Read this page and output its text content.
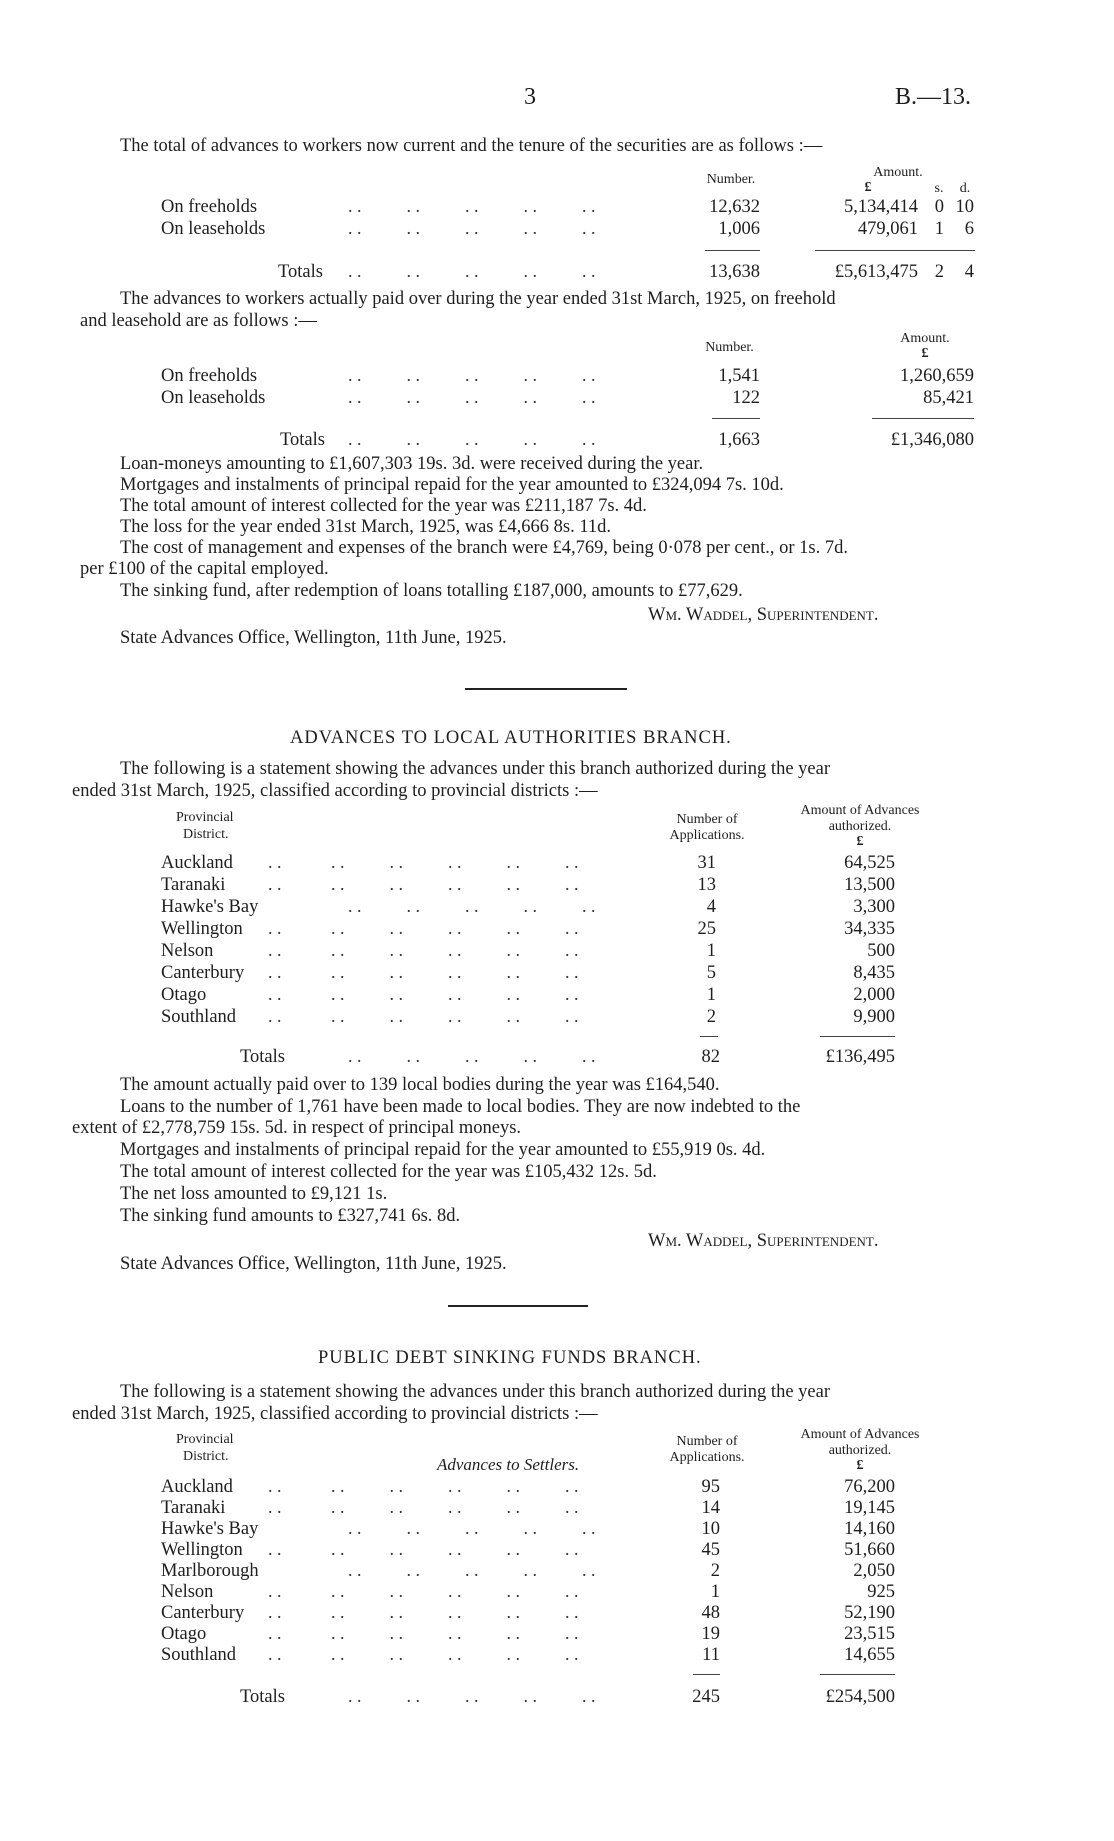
3	B.—13.
The total of advances to workers now current and the tenure of the securities are as follows :—
Number.	Amount.
£	s. d.
On freeholds	. .          . .          . .          . .          . .	12,632	5,134,414 0 10
On leaseholds	. .          . .          . .          . .          . .	1,006	479,061 1	6
Totals . .          . .          . .          . .          . .	13,638	£5,613,475 2	4
The advances to workers actually paid over during the year ended 31st March, 1925, on freehold
and leasehold are as follows :—
Number.
Amount.
£
On freeholds	. .          . .          . .          . .          . .	1,541	1,260,659
On leaseholds	. .          . .          . .          . .          . .	122	85,421
Totals . .          . .          . .          . .          . .	1,663	£1,346,080
Loan-moneys amounting to £1,607,303 19s. 3d. were received during the year.
Mortgages and instalments of principal repaid for the year amounted to £324,094 7s. 10d.
The total amount of interest collected for the year was £211,187 7s. 4d.
The loss for the year ended 31st March, 1925, was £4,666 8s. 11d.
The cost of management and expenses of the branch were £4,769, being 0·078 per cent., or 1s. 7d.
per £100 of the capital employed.
The sinking fund, after redemption of loans totalling £187,000, amounts to £77,629.
Wm. Waddel, Superintendent.
State Advances Office, Wellington, 11th June, 1925.
ADVANCES TO LOCAL AUTHORITIES BRANCH.
The following is a statement showing the advances under this branch authorized during the year
ended 31st March, 1925, classified according to provincial districts :—
Provincial
District.
Number of
Applications.
Amount of Advances
authorized.
£
Auckland . .           . .          . .          . .          . .          . .	31	64,525
Taranaki . .           . .          . .          . .          . .          . .	13	13,500
Hawke's Bay	. .          . .          . .          . .          . .	4	3,300
Wellington . .           . .          . .          . .          . .          . .	25	34,335
Nelson	. .           . .          . .          . .          . .          . .	1	500
Canterbury . .           . .          . .          . .          . .          . .	5	8,435
Otago	. .           . .          . .          . .          . .          . .	1	2,000
Southland . .           . .          . .          . .          . .          . .	2	9,900
Totals	. .          . .          . .          . .          . .	82	£136,495
The amount actually paid over to 139 local bodies during the year was £164,540.
Loans to the number of 1,761 have been made to local bodies. They are now indebted to the
extent of £2,778,759 15s. 5d. in respect of principal moneys.
Mortgages and instalments of principal repaid for the year amounted to £55,919 0s. 4d.
The total amount of interest collected for the year was £105,432 12s. 5d.
The net loss amounted to £9,121 1s.
The sinking fund amounts to £327,741 6s. 8d.
Wm. Waddel, Superintendent.
State Advances Office, Wellington, 11th June, 1925.
PUBLIC DEBT SINKING FUNDS BRANCH.
The following is a statement showing the advances under this branch authorized during the year
ended 31st March, 1925, classified according to provincial districts :—
Provincial
District.	Advances to Settlers.
Number of
Applications.
Amount of Advances
authorized.
£
Auckland . .           . .          . .          . .          . .          . .	95	76,200
Taranaki . .           . .          . .          . .          . .          . .	14	19,145
Hawke's Bay	. .          . .          . .          . .          . .	10	14,160
Wellington . .           . .          . .          . .          . .          . .	45	51,660
Marlborough	. .          . .          . .          . .          . .	2	2,050
Nelson	. .           . .          . .          . .          . .          . .	1	925
Canterbury . .           . .          . .          . .          . .          . .	48	52,190
Otago	. .           . .          . .          . .          . .          . .	19	23,515
Southland . .           . .          . .          . .          . .          . .	11	14,655
Totals	. .          . .          . .          . .          . .	245	£254,500
